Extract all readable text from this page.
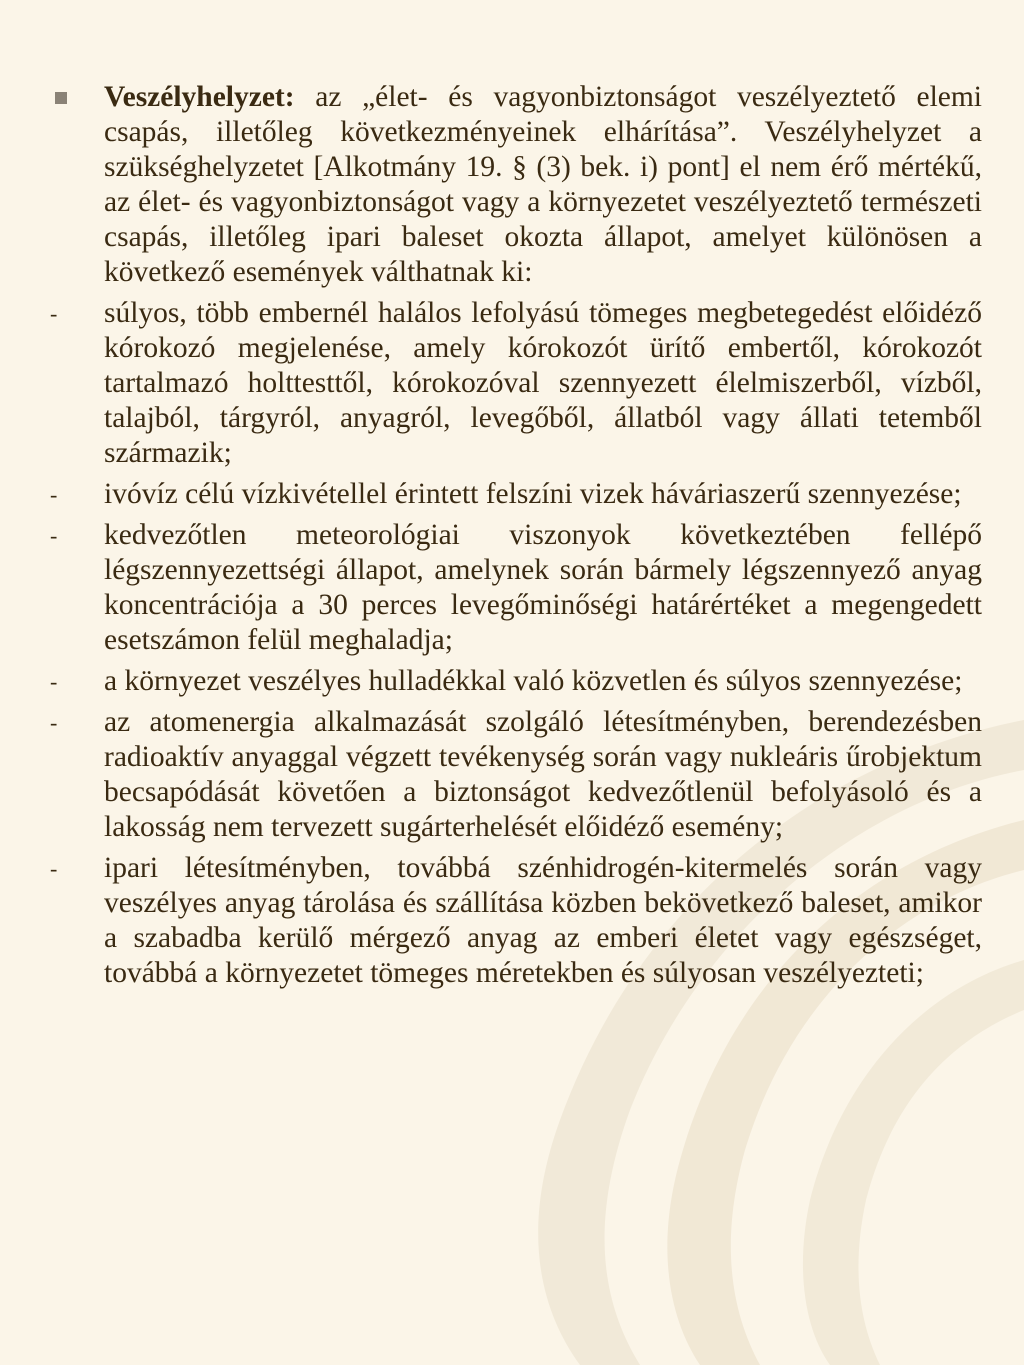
Veszélyhelyzet: az „élet- és vagyonbiztonságot veszélyeztető elemi csapás, illetőleg következményeinek elhárítása”. Veszélyhelyzet a szükséghelyzetet [Alkotmány 19. § (3) bek. i) pont] el nem érő mértékű, az élet- és vagyonbiztonságot vagy a környezetet veszélyeztető természeti csapás, illetőleg ipari baleset okozta állapot, amelyet különösen a következő események válthatnak ki:
-	súlyos, több embernél halálos lefolyású tömeges megbetegedést előidéző kórokozó megjelenése, amely kórokozót ürítő embertől, kórokozót tartalmazó holttesttől, kórokozóval szennyezett élelmiszerből, vízből, talajból, tárgyról, anyagról, levegőből, állatból vagy állati tetemből származik;
-	ivóvíz célú vízkivétellel érintett felszíni vizek háváriaszerű szennyezése;
-	kedvezőtlen meteorológiai viszonyok következtében fellépő légszennyezettségi állapot, amelynek során bármely légszennyező anyag koncentrációja a 30 perces levegőminőségi határértéket a megengedett esetszámon felül meghaladja;
-	a környezet veszélyes hulladékkal való közvetlen és súlyos szennyezése;
-	az atomenergia alkalmazását szolgáló létesítményben, berendezésben radioaktív anyaggal végzett tevékenység során vagy nukleáris űrobjektum becsapódását követően a biztonságot kedvezőtlenül befolyásoló és a lakosság nem tervezett sugárterhelését előidéző esemény;
-	ipari létesítményben, továbbá szénhidrogén-kitermelés során vagy veszélyes anyag tárolása és szállítása közben bekövetkező baleset, amikor a szabadba kerülő mérgező anyag az emberi életet vagy egészséget, továbbá a környezetet tömeges méretekben és súlyosan veszélyezteti;
